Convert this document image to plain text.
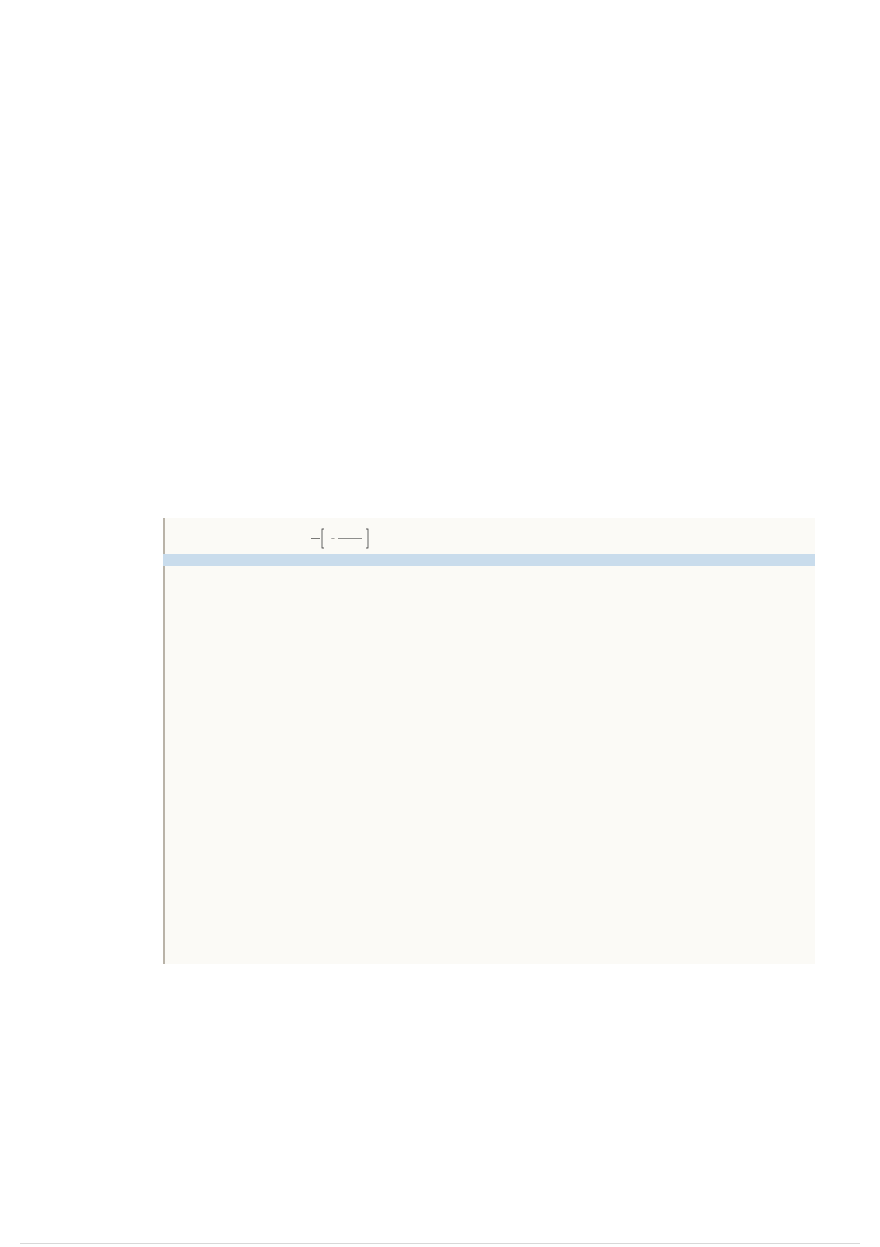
−
